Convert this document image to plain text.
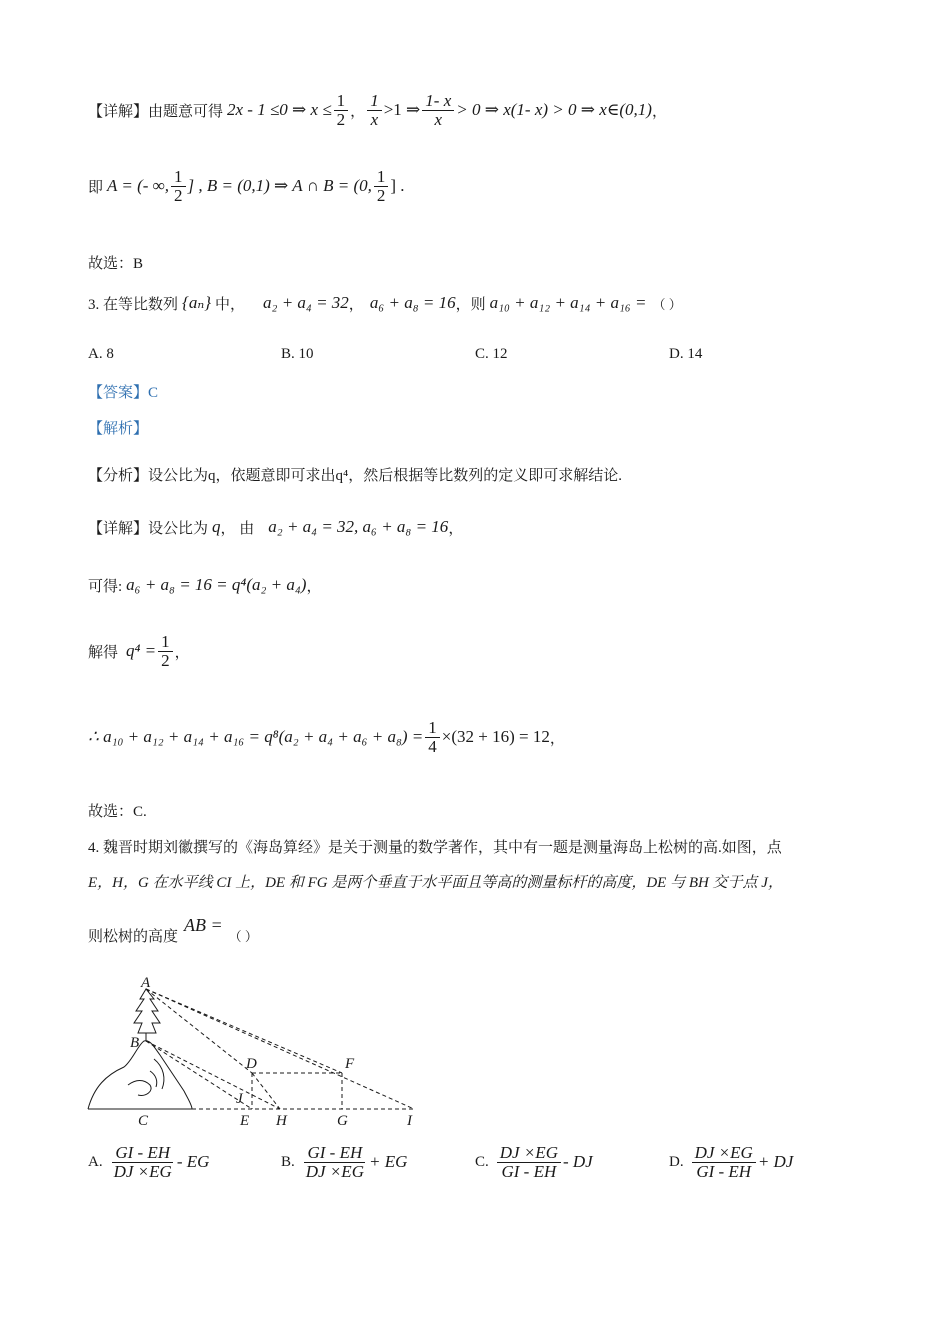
【详解】由题意可得 2x - 1 ≤0 ⇒ $x \le \frac{1}{2}$ ， $\frac{1}{x} >1$ ⇒ $\frac{1- x}{x} > 0$ ⇒ x(1- x) > 0 ⇒ x∈(0,1) ，
即 A = (- ∞, $\frac{1}{2}$ ] , B = (0,1) ⇒ A ∩ B = (0, $\frac{1}{2}$ ] .
故选：B
3. 在等比数列 {aₙ} 中， a₂ + a₄ = 32 ， a₆ + a₈ = 16 ，则 a₁₀ + a₁₂ + a₁₄ + a₁₆ = （ ）
A. 8	B. 10	C. 12	D. 14
【答案】C
【解析】
【分析】设公比为q，依题意即可求出q⁴，然后根据等比数列的定义即可求解结论.
【详解】设公比为 q ， 由 a₂ + a₄ = 32, a₆ + a₈ = 16 ，
可得: a₆ + a₈ = 16 = q⁴(a₂ + a₄) ，
解得 $q^4 = \frac{1}{2}$ ，
∴ $a_{10} + a_{12} + a_{14} + a_{16} = q^8(a_2 + a_4 + a_6 + a_8) = \frac{1}{4} \times(32 + 16) = 12$ ，
故选：C.
4. 魏晋时期刘徽撰写的《海岛算经》是关于测量的数学著作，其中有一题是测量海岛上松树的高.如图，点
E，H，G 在水平线 CI 上，DE 和 FG 是两个垂直于水平面且等高的测量标杆的高度，DE 与 BH 交于点 J，
则松树的高度
AB =
（ ）
A
B
C
D
E
F
G
H	I
J
A. $\frac{GI - EH}{DJ \times EG}$ - EG	B. $\frac{GI - EH}{DJ \times EG}$ + EG	C. $\frac{DJ \times EG}{GI - EH}$ - DJ	D. $\frac{DJ \times EG}{GI - EH}$ + DJ
